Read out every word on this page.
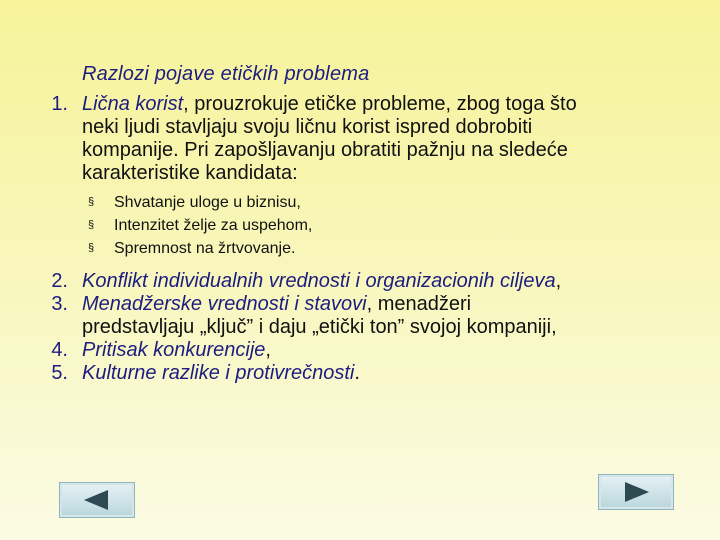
Razlozi pojave etičkih problema
1. Lična korist, prouzrokuje etičke probleme, zbog toga što
neki ljudi stavljaju svoju ličnu korist ispred dobrobiti
kompanije. Pri zapošljavanju obratiti pažnju na sledeće
karakteristike kandidata:
§	Shvatanje uloge u biznisu,
§	Intenzitet želje za uspehom,
§	Spremnost na žrtvovanje.
2. Konflikt individualnih vrednosti i organizacionih ciljeva,
3. Menadžerske vrednosti i stavovi, menadžeri
predstavljaju „ključ” i daju „etički ton” svojoj kompaniji,
4. Pritisak konkurencije,
5. Kulturne razlike i protivrečnosti.
